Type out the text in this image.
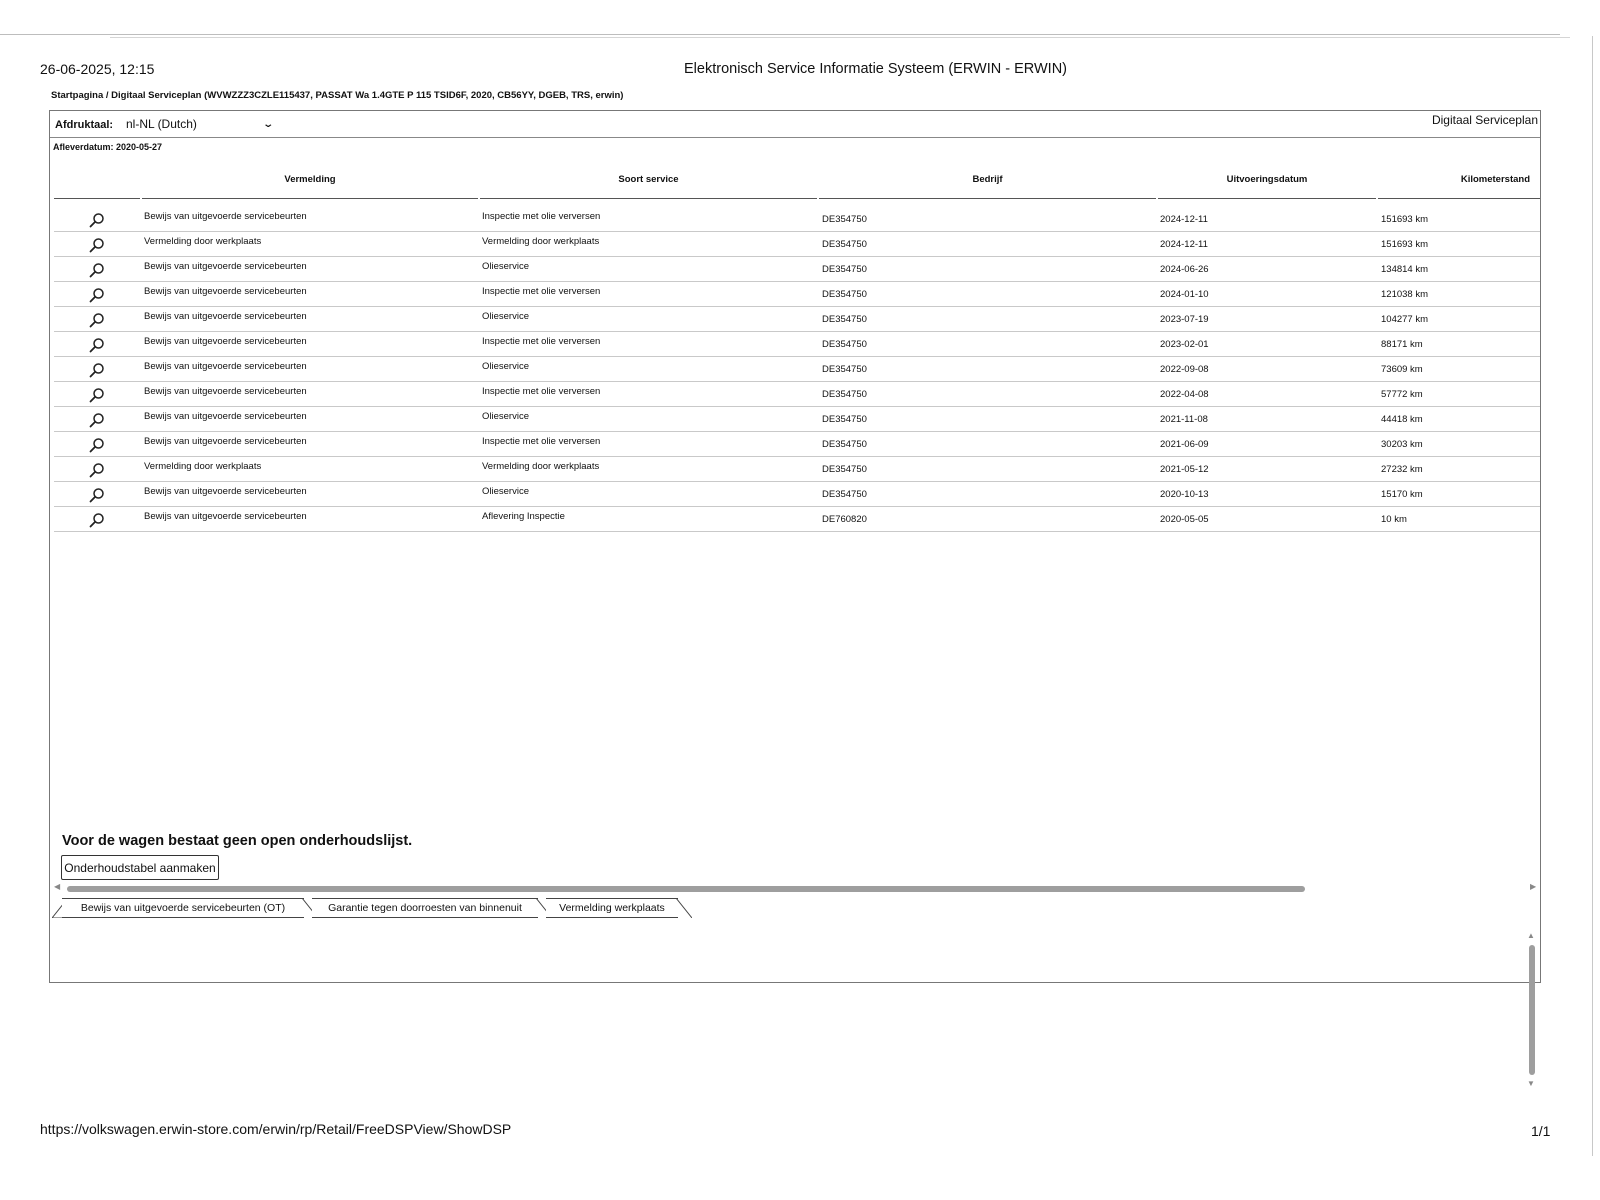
26-06-2025, 12:15	Elektronisch Service Informatie Systeem (ERWIN - ERWIN)
Startpagina / Digitaal Serviceplan (WVWZZZ3CZLE115437, PASSAT Wa 1.4GTE P 115 TSID6F, 2020, CB56YY, DGEB, TRS, erwin)
Afdruktaal: nl-NL (Dutch)	⌄	Digitaal Serviceplan
Afleverdatum: 2020-05-27
Vermelding	Soort service	Bedrijf	Uitvoeringsdatum	Kilometerstand
Bewijs van uitgevoerde servicebeurten	Inspectie met olie verversen	DE354750	2024-12-11	151693 km
Vermelding door werkplaats	Vermelding door werkplaats	DE354750	2024-12-11	151693 km
Bewijs van uitgevoerde servicebeurten	Olieservice	DE354750	2024-06-26	134814 km
Bewijs van uitgevoerde servicebeurten	Inspectie met olie verversen	DE354750	2024-01-10	121038 km
Bewijs van uitgevoerde servicebeurten	Olieservice	DE354750	2023-07-19	104277 km
Bewijs van uitgevoerde servicebeurten	Inspectie met olie verversen	DE354750	2023-02-01	88171 km
Bewijs van uitgevoerde servicebeurten	Olieservice	DE354750	2022-09-08	73609 km
Bewijs van uitgevoerde servicebeurten	Inspectie met olie verversen	DE354750	2022-04-08	57772 km
Bewijs van uitgevoerde servicebeurten	Olieservice	DE354750	2021-11-08	44418 km
Bewijs van uitgevoerde servicebeurten	Inspectie met olie verversen	DE354750	2021-06-09	30203 km
Vermelding door werkplaats	Vermelding door werkplaats	DE354750	2021-05-12	27232 km
Bewijs van uitgevoerde servicebeurten	Olieservice	DE354750	2020-10-13	15170 km
Bewijs van uitgevoerde servicebeurten	Aflevering Inspectie	DE760820	2020-05-05	10 km
◀	▶
Bewijs van uitgevoerde servicebeurten (OT)	Garantie tegen doorroesten van binnenuit	Vermelding werkplaats
Voor de wagen bestaat geen open onderhoudslijst.
Onderhoudstabel aanmaken
▲
▼
https://volkswagen.erwin-store.com/erwin/rp/Retail/FreeDSPView/ShowDSP	1/1
